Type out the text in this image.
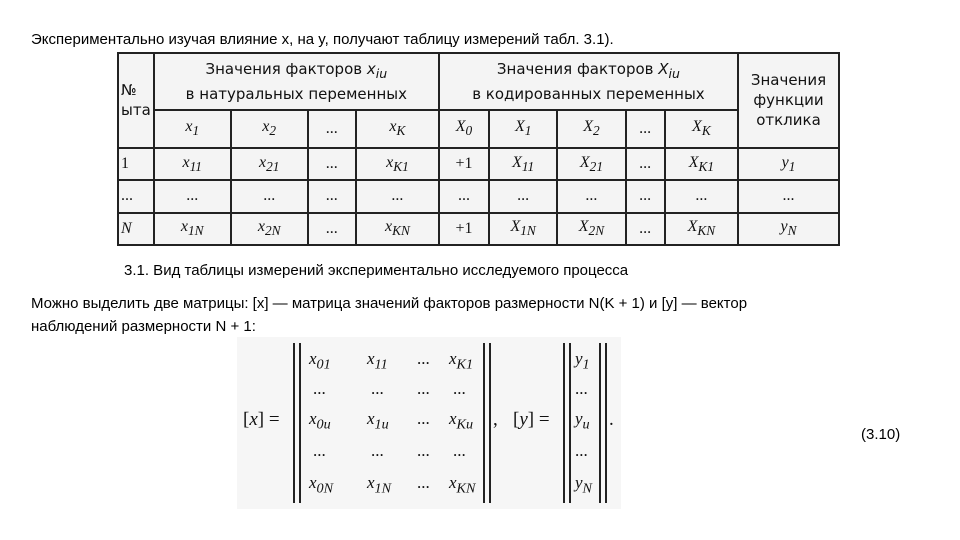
Экспериментально изучая влияние x, на y, получают таблицу измерений табл. 3.1).
№
ыта	Значения факторов $x_{iu}$
в натуральных переменных				Значения факторов $X_{iu}$
в кодированных переменных					Значения
функции
отклика
	$x_1$	$x_2$	...	$x_K$	$X_0$	$X_1$	$X_2$	...	$X_K$
1	$x_{11}$	$x_{21}$	...	$x_{K1}$	+1	$X_{11}$	$X_{21}$	...	$X_{K1}$	$y_1$
...	...	...	...	...	...	...	...	...	...	...
N	$x_{1N}$	$x_{2N}$	...	$x_{KN}$	+1	$X_{1N}$	$X_{2N}$	...	$X_{KN}$	$y_N$
3.1. Вид таблицы измерений экспериментально исследуемого процесса
Можно выделить две матрицы: [x] — матрица значений факторов размерности N(K + 1) и [y] — вектор
наблюдений размерности N + 1:
[x] =
$x_{01}$ $x_{11}$ ... $x_{K1}$
...	... ... ...
$x_{0u}$ $x_{1u}$ ... $x_{Ku}$
...	... ... ...
$x_{0N}$ $x_{1N}$ ... $x_{KN}$
, [y] =
$y_1$
...
$y_u$
...
$y_N$
.
(3.10)
